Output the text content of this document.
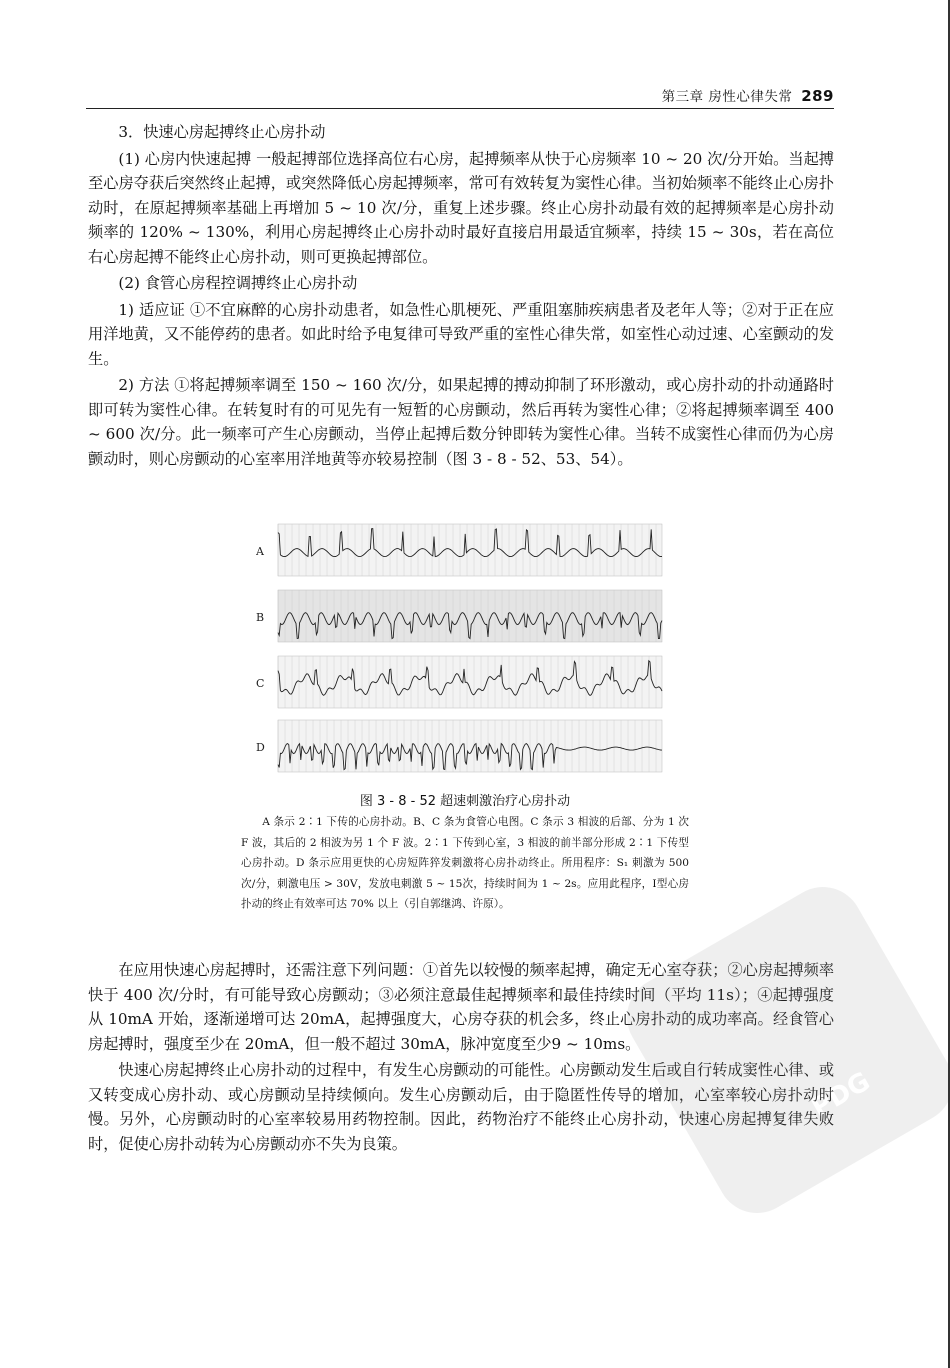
第三章 房性心律失常 289
3．快速心房起搏终止心房扑动

(1) 心房内快速起搏 一般起搏部位选择高位右心房，起搏频率从快于心房频率 10 ~ 20 次/分开始。当起搏至心房夺获后突然终止起搏，或突然降低心房起搏频率，常可有效转复为窦性心律。当初始频率不能终止心房扑动时，在原起搏频率基础上再增加 5 ~ 10 次/分，重复上述步骤。终止心房扑动最有效的起搏频率是心房扑动频率的 120% ~ 130%，利用心房起搏终止心房扑动时最好直接启用最适宜频率，持续 15 ~ 30s，若在高位右心房起搏不能终止心房扑动，则可更换起搏部位。

(2) 食管心房程控调搏终止心房扑动

1) 适应证 ①不宜麻醉的心房扑动患者，如急性心肌梗死、严重阻塞肺疾病患者及老年人等；②对于正在应用洋地黄，又不能停药的患者。如此时给予电复律可导致严重的室性心律失常，如室性心动过速、心室颤动的发生。

2) 方法 ①将起搏频率调至 150 ~ 160 次/分，如果起搏的搏动抑制了环形激动，或心房扑动的扑动通路时即可转为窦性心律。在转复时有的可见先有一短暂的心房颤动，然后再转为窦性心律；②将起搏频率调至 400 ~ 600 次/分。此一频率可产生心房颤动，当停止起搏后数分钟即转为窦性心律。当转不成窦性心律而仍为心房颤动时，则心房颤动的心室率用洋地黄等亦较易控制（图 3 - 8 - 52、53、54）。

A
B
C
D
图 3 - 8 - 52 超速刺激治疗心房扑动
A 条示 2∶1 下传的心房扑动。B、C 条为食管心电图。C 条示 3 相波的后部、分为 1 次 F 波，其后的 2 相波为另 1 个 F 波。2∶1 下传到心室，3 相波的前半部分形成 2∶1 下传型心房扑动。D 条示应用更快的心房短阵猝发刺激将心房扑动终止。所用程序：S₁ 刺激为 500 次/分，刺激电压 > 30V，发放电刺激 5 ~ 15次，持续时间为 1 ~ 2s。应用此程序，Ⅰ型心房扑动的终止有效率可达 70% 以上（引自郭继鸿、许原）。

在应用快速心房起搏时，还需注意下列问题：①首先以较慢的频率起搏，确定无心室夺获；②心房起搏频率快于 400 次/分时，有可能导致心房颤动；③必须注意最佳起搏频率和最佳持续时间（平均 11s）；④起搏强度从 10mA 开始，逐渐递增可达 20mA，起搏强度大，心房夺获的机会多，终止心房扑动的成功率高。经食管心房起搏时，强度至少在 20mA，但一般不超过 30mA，脉冲宽度至少9 ~ 10ms。

快速心房起搏终止心房扑动的过程中，有发生心房颤动的可能性。心房颤动发生后或自行转成窦性心律、或又转变成心房扑动、或心房颤动呈持续倾向。发生心房颤动后，由于隐匿性传导的增加，心室率较心房扑动时慢。另外，心房颤动时的心室率较易用药物控制。因此，药物治疗不能终止心房扑动，快速心房起搏复律失败时，促使心房扑动转为心房颤动亦不失为良策。

PDG
